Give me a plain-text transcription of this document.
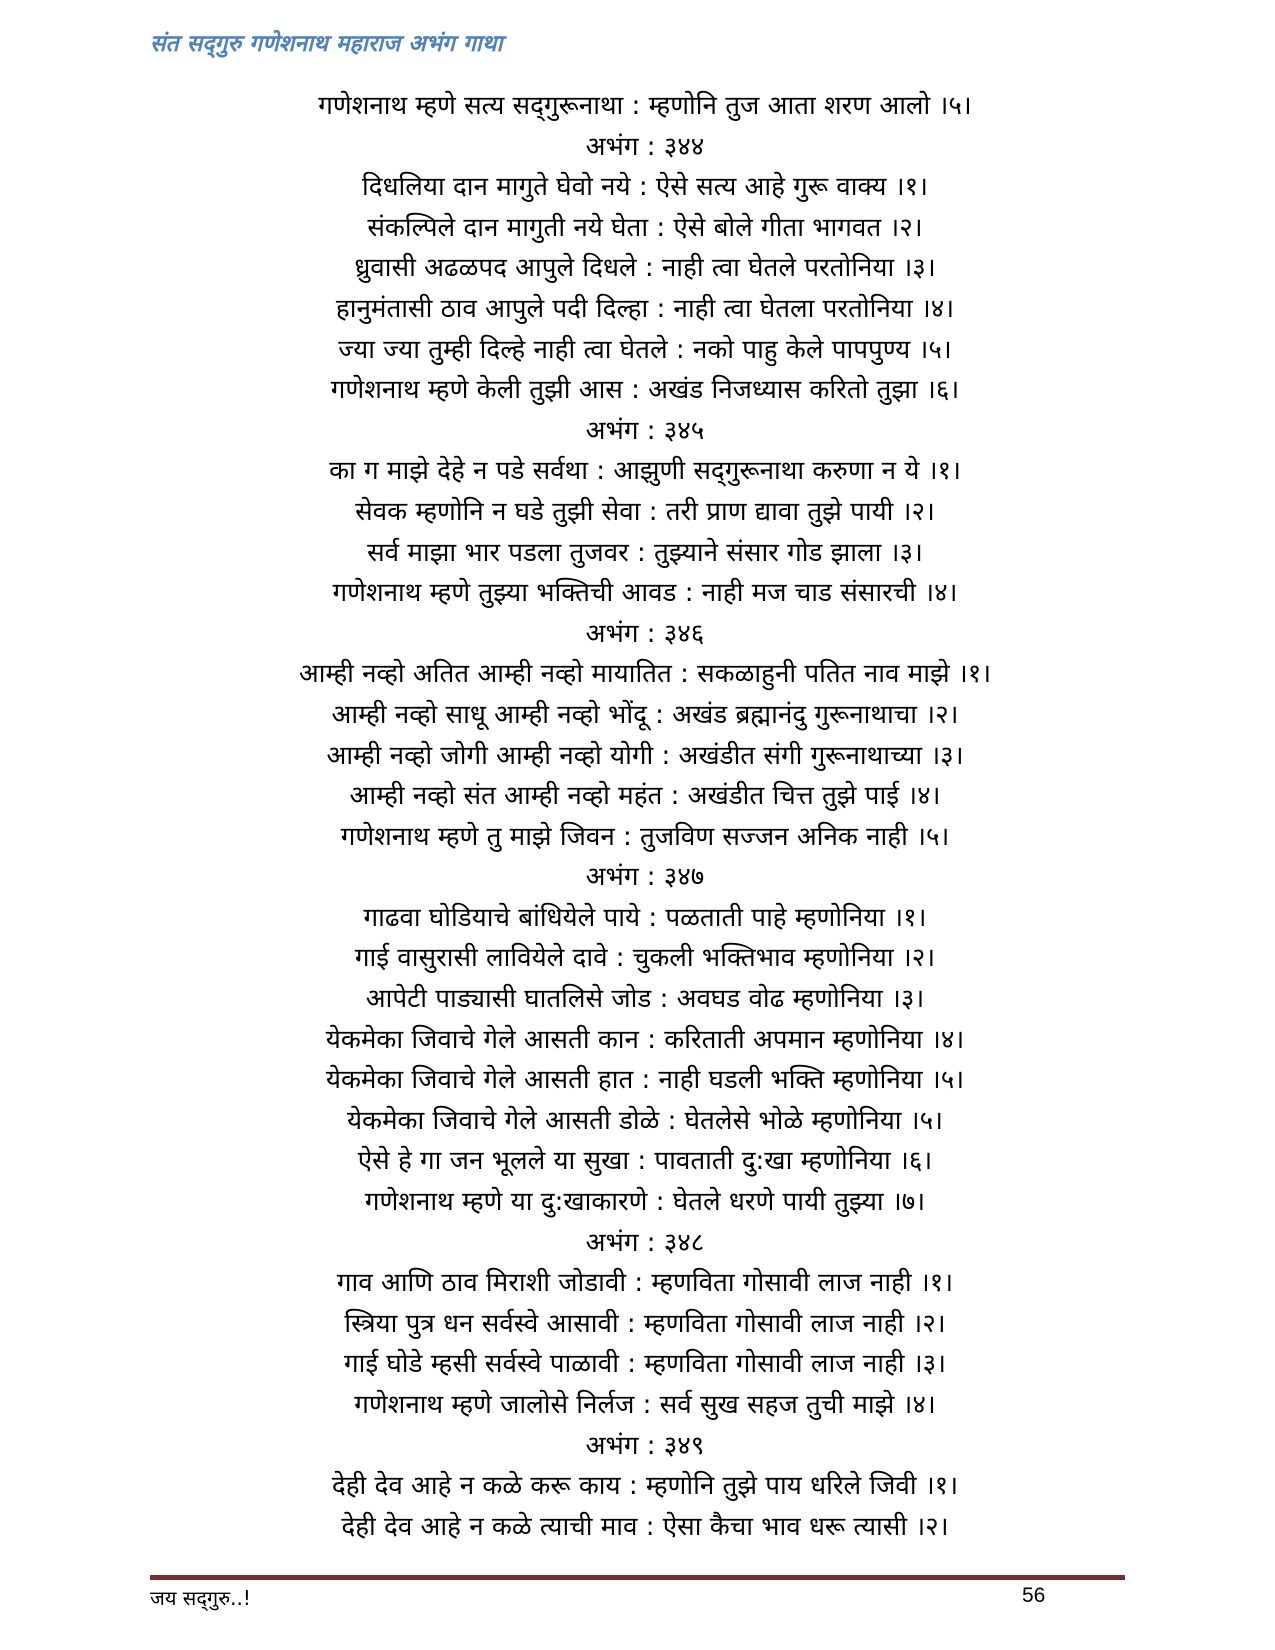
संत सद्‌गुरु गणेशनाथ महाराज अभंग गाथा
गणेशनाथ म्हणे सत्य सद्‌गुरूनाथा : म्हणोनि तुज आता शरण आलो ।५।
अभंग : ३४४
दिधलिया दान मागुते घेवो नये : ऐसे सत्य आहे गुरू वाक्य ।१।
संकल्पिले दान मागुती नये घेता : ऐसे बोले गीता भागवत ।२।
ध्रुवासी अढळपद आपुले दिधले : नाही त्वा घेतले परतोनिया ।३।
हानुमंतासी ठाव आपुले पदी दिल्हा : नाही त्वा घेतला परतोनिया ।४।
ज्या ज्या तुम्ही दिल्हे नाही त्वा घेतले : नको पाहु केले पापपुण्य ।५।
गणेशनाथ म्हणे केली तुझी आस : अखंड निजध्यास करितो तुझा ।६।
अभंग : ३४५
का ग माझे देहे न पडे सर्वथा : आझुणी सद्‌गुरूनाथा करुणा न ये ।१।
सेवक म्हणोनि न घडे तुझी सेवा : तरी प्राण द्यावा तुझे पायी ।२।
सर्व माझा भार पडला तुजवर : तुझ्याने संसार गोड झाला ।३।
गणेशनाथ म्हणे तुझ्या भक्तिची आवड : नाही मज चाड संसारची ।४।
अभंग : ३४६
आम्ही नव्हो अतित आम्ही नव्हो मायातित : सकळाहुनी पतित नाव माझे ।१।
आम्ही नव्हो साधू आम्ही नव्हो भोंदू : अखंड ब्रह्मानंदु गुरूनाथाचा ।२।
आम्ही नव्हो जोगी आम्ही नव्हो योगी : अखंडीत संगी गुरूनाथाच्या ।३।
आम्ही नव्हो संत आम्ही नव्हो महंत : अखंडीत चित्त तुझे पाई ।४।
गणेशनाथ म्हणे तु माझे जिवन : तुजविण सज्जन अनिक नाही ।५।
अभंग : ३४७
गाढवा घोडियाचे बांधियेले पाये : पळताती पाहे म्हणोनिया ।१।
गाई वासुरासी लावियेले दावे : चुकली भक्तिभाव म्हणोनिया ।२।
आपेटी पाड्यासी घातलिसे जोड : अवघड वोढ म्हणोनिया ।३।
येकमेका जिवाचे गेले आसती कान : करिताती अपमान म्हणोनिया ।४।
येकमेका जिवाचे गेले आसती हात : नाही घडली भक्ति म्हणोनिया ।५।
येकमेका जिवाचे गेले आसती डोळे : घेतलेसे भोळे म्हणोनिया ।५।
ऐसे हे गा जन भूलले या सुखा : पावताती दु:खा म्हणोनिया ।६।
गणेशनाथ म्हणे या दु:खाकारणे : घेतले धरणे पायी तुझ्या ।७।
अभंग : ३४८
गाव आणि ठाव मिराशी जोडावी : म्हणविता गोसावी लाज नाही ।१।
स्त्रिया पुत्र धन सर्वस्वे आसावी : म्हणविता गोसावी लाज नाही ।२।
गाई घोडे म्हसी सर्वस्वे पाळावी : म्हणविता गोसावी लाज नाही ।३।
गणेशनाथ म्हणे जालोसे निर्लज : सर्व सुख सहज तुची माझे ।४।
अभंग : ३४९
देही देव आहे न कळे करू काय : म्हणोनि तुझे पाय धरिले जिवी ।१।
देही देव आहे न कळे त्याची माव : ऐसा कैचा भाव धरू त्यासी ।२।
जय सद्‌गुरु..!	56
